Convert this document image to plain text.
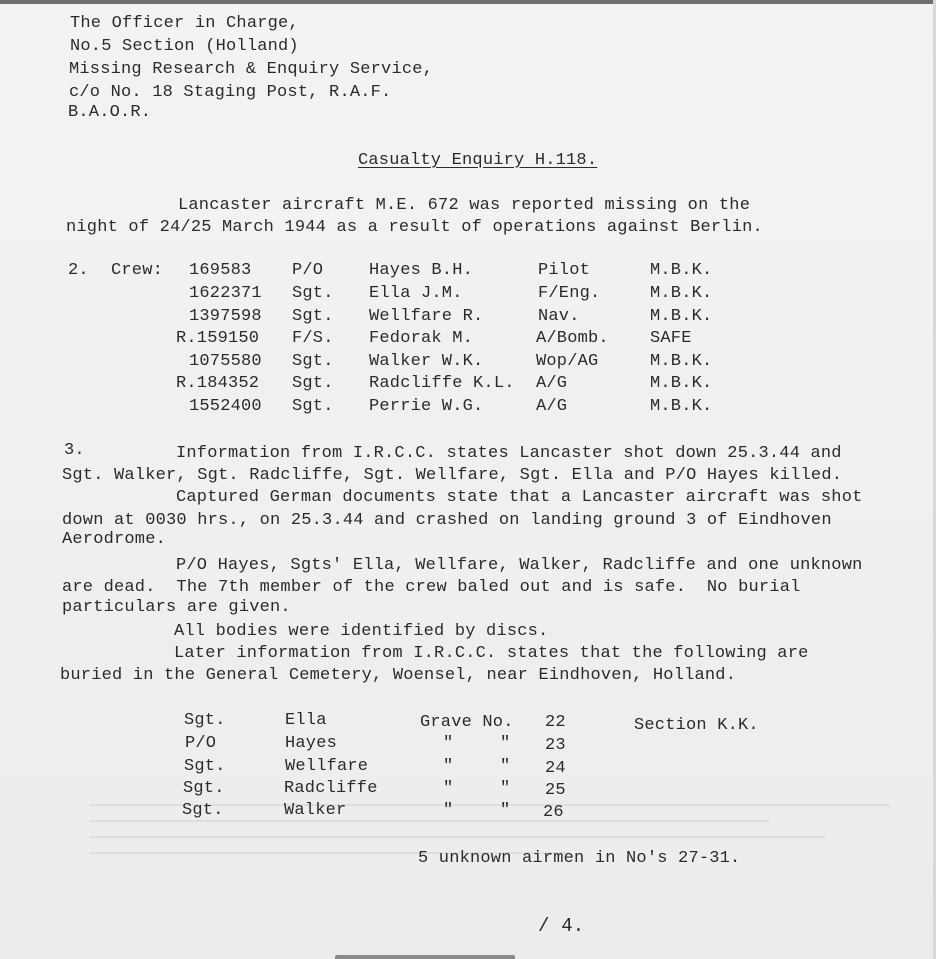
The Officer in Charge,
No.5 Section (Holland)
Missing Research & Enquiry Service,
c/o No. 18 Staging Post, R.A.F.
B.A.O.R.
Casualty Enquiry H.118.
Lancaster aircraft M.E. 672 was reported missing on the
night of 24/25 March 1944 as a result of operations against Berlin.
2. Crew: 169583 P/O	Hayes B.H.	Pilot	M.B.K.
1622371 Sgt. Ella J.M.	F/Eng.	M.B.K.
1397598 Sgt. Wellfare R.	Nav.	M.B.K.
R.159150 F/S. Fedorak M.	A/Bomb. SAFE
1075580 Sgt. Walker W.K.	Wop/AG	M.B.K.
R.184352 Sgt. Radcliffe K.L. A/G	M.B.K.
1552400 Sgt. Perrie W.G.	A/G	M.B.K.
3.	Information from I.R.C.C. states Lancaster shot down 25.3.44 and
Sgt. Walker, Sgt. Radcliffe, Sgt. Wellfare, Sgt. Ella and P/O Hayes killed.
Captured German documents state that a Lancaster aircraft was shot
down at 0030 hrs., on 25.3.44 and crashed on landing ground 3 of Eindhoven
Aerodrome.
P/O Hayes, Sgts' Ella, Wellfare, Walker, Radcliffe and one unknown
are dead.  The 7th member of the crew baled out and is safe.  No burial
particulars are given.
All bodies were identified by discs.
Later information from I.R.C.C. states that the following are
buried in the General Cemetery, Woensel, near Eindhoven, Holland.
Sgt.	Ella	Grave No. 22	Section K.K.
P/O	Hayes	"	" 23
Sgt.	Wellfare	"	" 24
Sgt.	Radcliffe	"	" 25
Sgt.	Walker	"	" 26
5 unknown airmen in No's 27-31.
/ 4.
